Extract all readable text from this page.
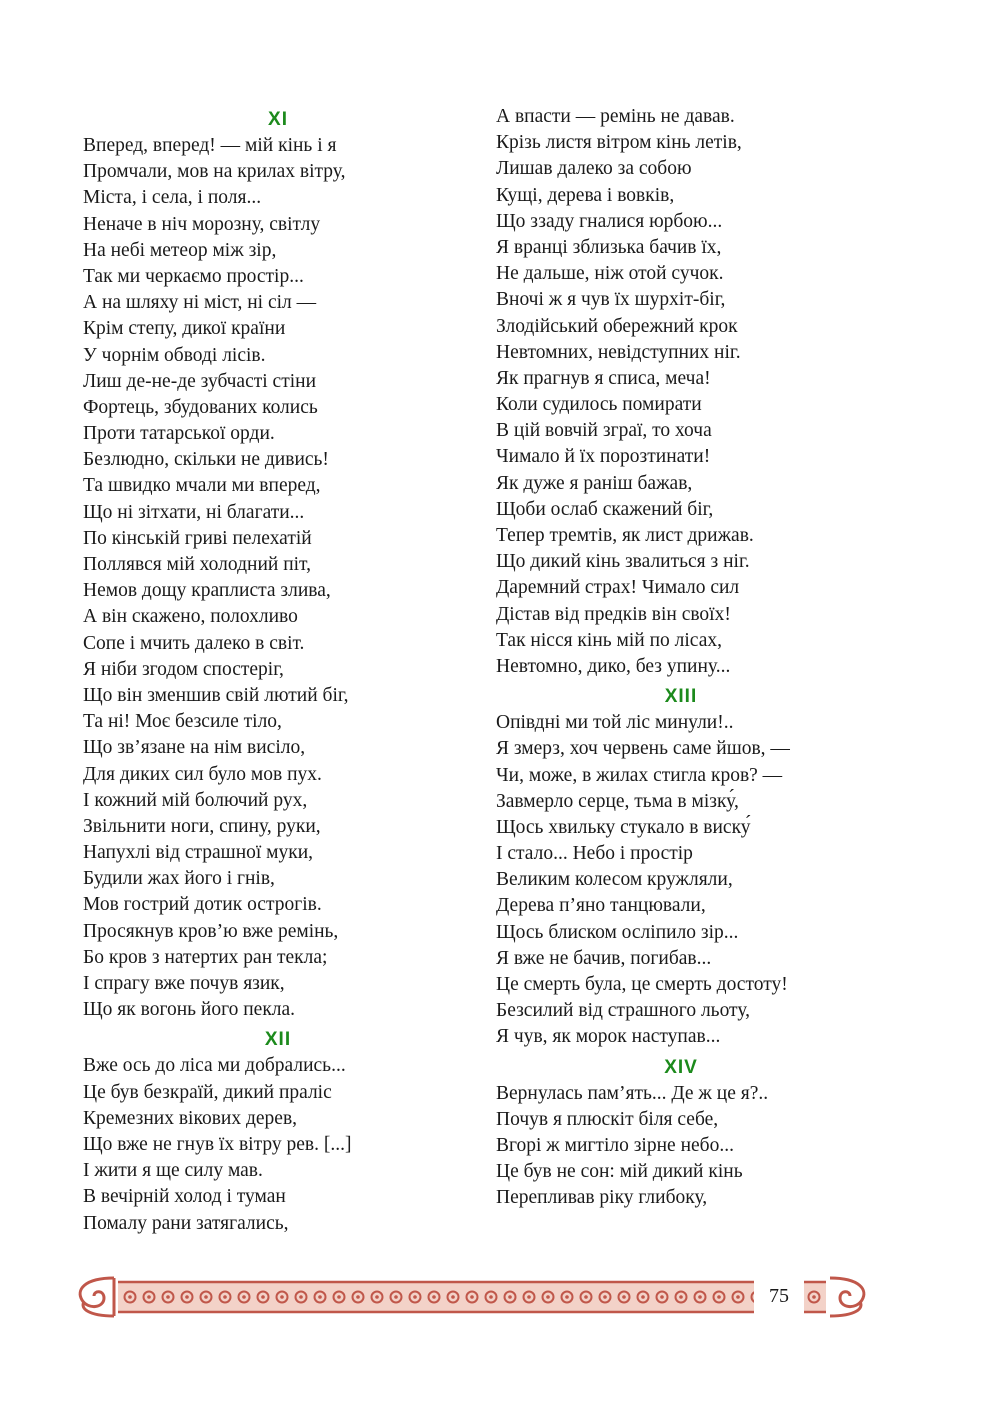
XI
Вперед, вперед! — мій кінь і я
Промчали, мов на крилах вітру,
Міста, і села, і поля...
Неначе в ніч морозну, світлу
На небі метеор між зір,
Так ми черкаємо простір...
А на шляху ні міст, ні сіл —
Крім степу, дикої країни
У чорнім обводі лісів.
Лиш де-не-де зубчасті стіни
Фортець, збудованих колись
Проти татарської орди.
Безлюдно, скільки не дивись!
Та швидко мчали ми вперед,
Що ні зітхати, ні благати...
По кінській гриві пелехатій
Поллявся мій холодний піт,
Немов дощу краплиста злива,
А він скажено, полохливо
Сопе і мчить далеко в світ.
Я ніби згодом спостеріг,
Що він зменшив свій лютий біг,
Та ні! Моє безсиле тіло,
Що зв’язане на нім висіло,
Для диких сил було мов пух.
І кожний мій болючий рух,
Звільнити ноги, спину, руки,
Напухлі від страшної муки,
Будили жах його і гнів,
Мов гострий дотик острогів.
Просякнув кров’ю вже ремінь,
Бо кров з натертих ран текла;
І спрагу вже почув язик,
Що як вогонь його пекла.
XII
Вже ось до ліса ми добрались...
Це був безкраїй, дикий праліс
Кремезних вікових дерев,
Що вже не гнув їх вітру рев. [...]
І жити я ще силу мав.
В вечірній холод і туман
Помалу рани затягались,
А впасти — ремінь не давав.
Крізь листя вітром кінь летів,
Лишав далеко за собою
Кущі, дерева і вовків,
Що ззаду гналися юрбою...
Я вранці зблизька бачив їх,
Не дальше, ніж отой сучок.
Вночі ж я чув їх шурхіт-біг,
Злодійський обережний крок
Невтомних, невідступних ніг.
Як прагнув я списа, меча!
Коли судилось помирати
В цій вовчій зграї, то хоча
Чимало й їх порозтинати!
Як дуже я раніш бажав,
Щоби ослаб скажений біг,
Тепер тремтів, як лист дрижав.
Що дикий кінь звалиться з ніг.
Даремний страх! Чимало сил
Дістав від предків він своїх!
Так нісся кінь мій по лісах,
Невтомно, дико, без упину...
XIII
Опівдні ми той ліс минули!..
Я змерз, хоч червень саме йшов, —
Чи, може, в жилах стигла кров? —
Завмерло серце, тьма в мізку́,
Щось хвильку стукало в виску́
І стало... Небо і простір
Великим колесом кружляли,
Дерева п’яно танцювали,
Щось блиском осліпило зір...
Я вже не бачив, погибав...
Це смерть була, це смерть достоту!
Безсилий від страшного льоту,
Я чув, як морок наступав...
XIV
Вернулась пам’ять... Де ж це я?..
Почув я плюскіт біля себе,
Вгорі ж мигтіло зірне небо...
Це був не сон: мій дикий кінь
Перепливав ріку глибоку,
75
